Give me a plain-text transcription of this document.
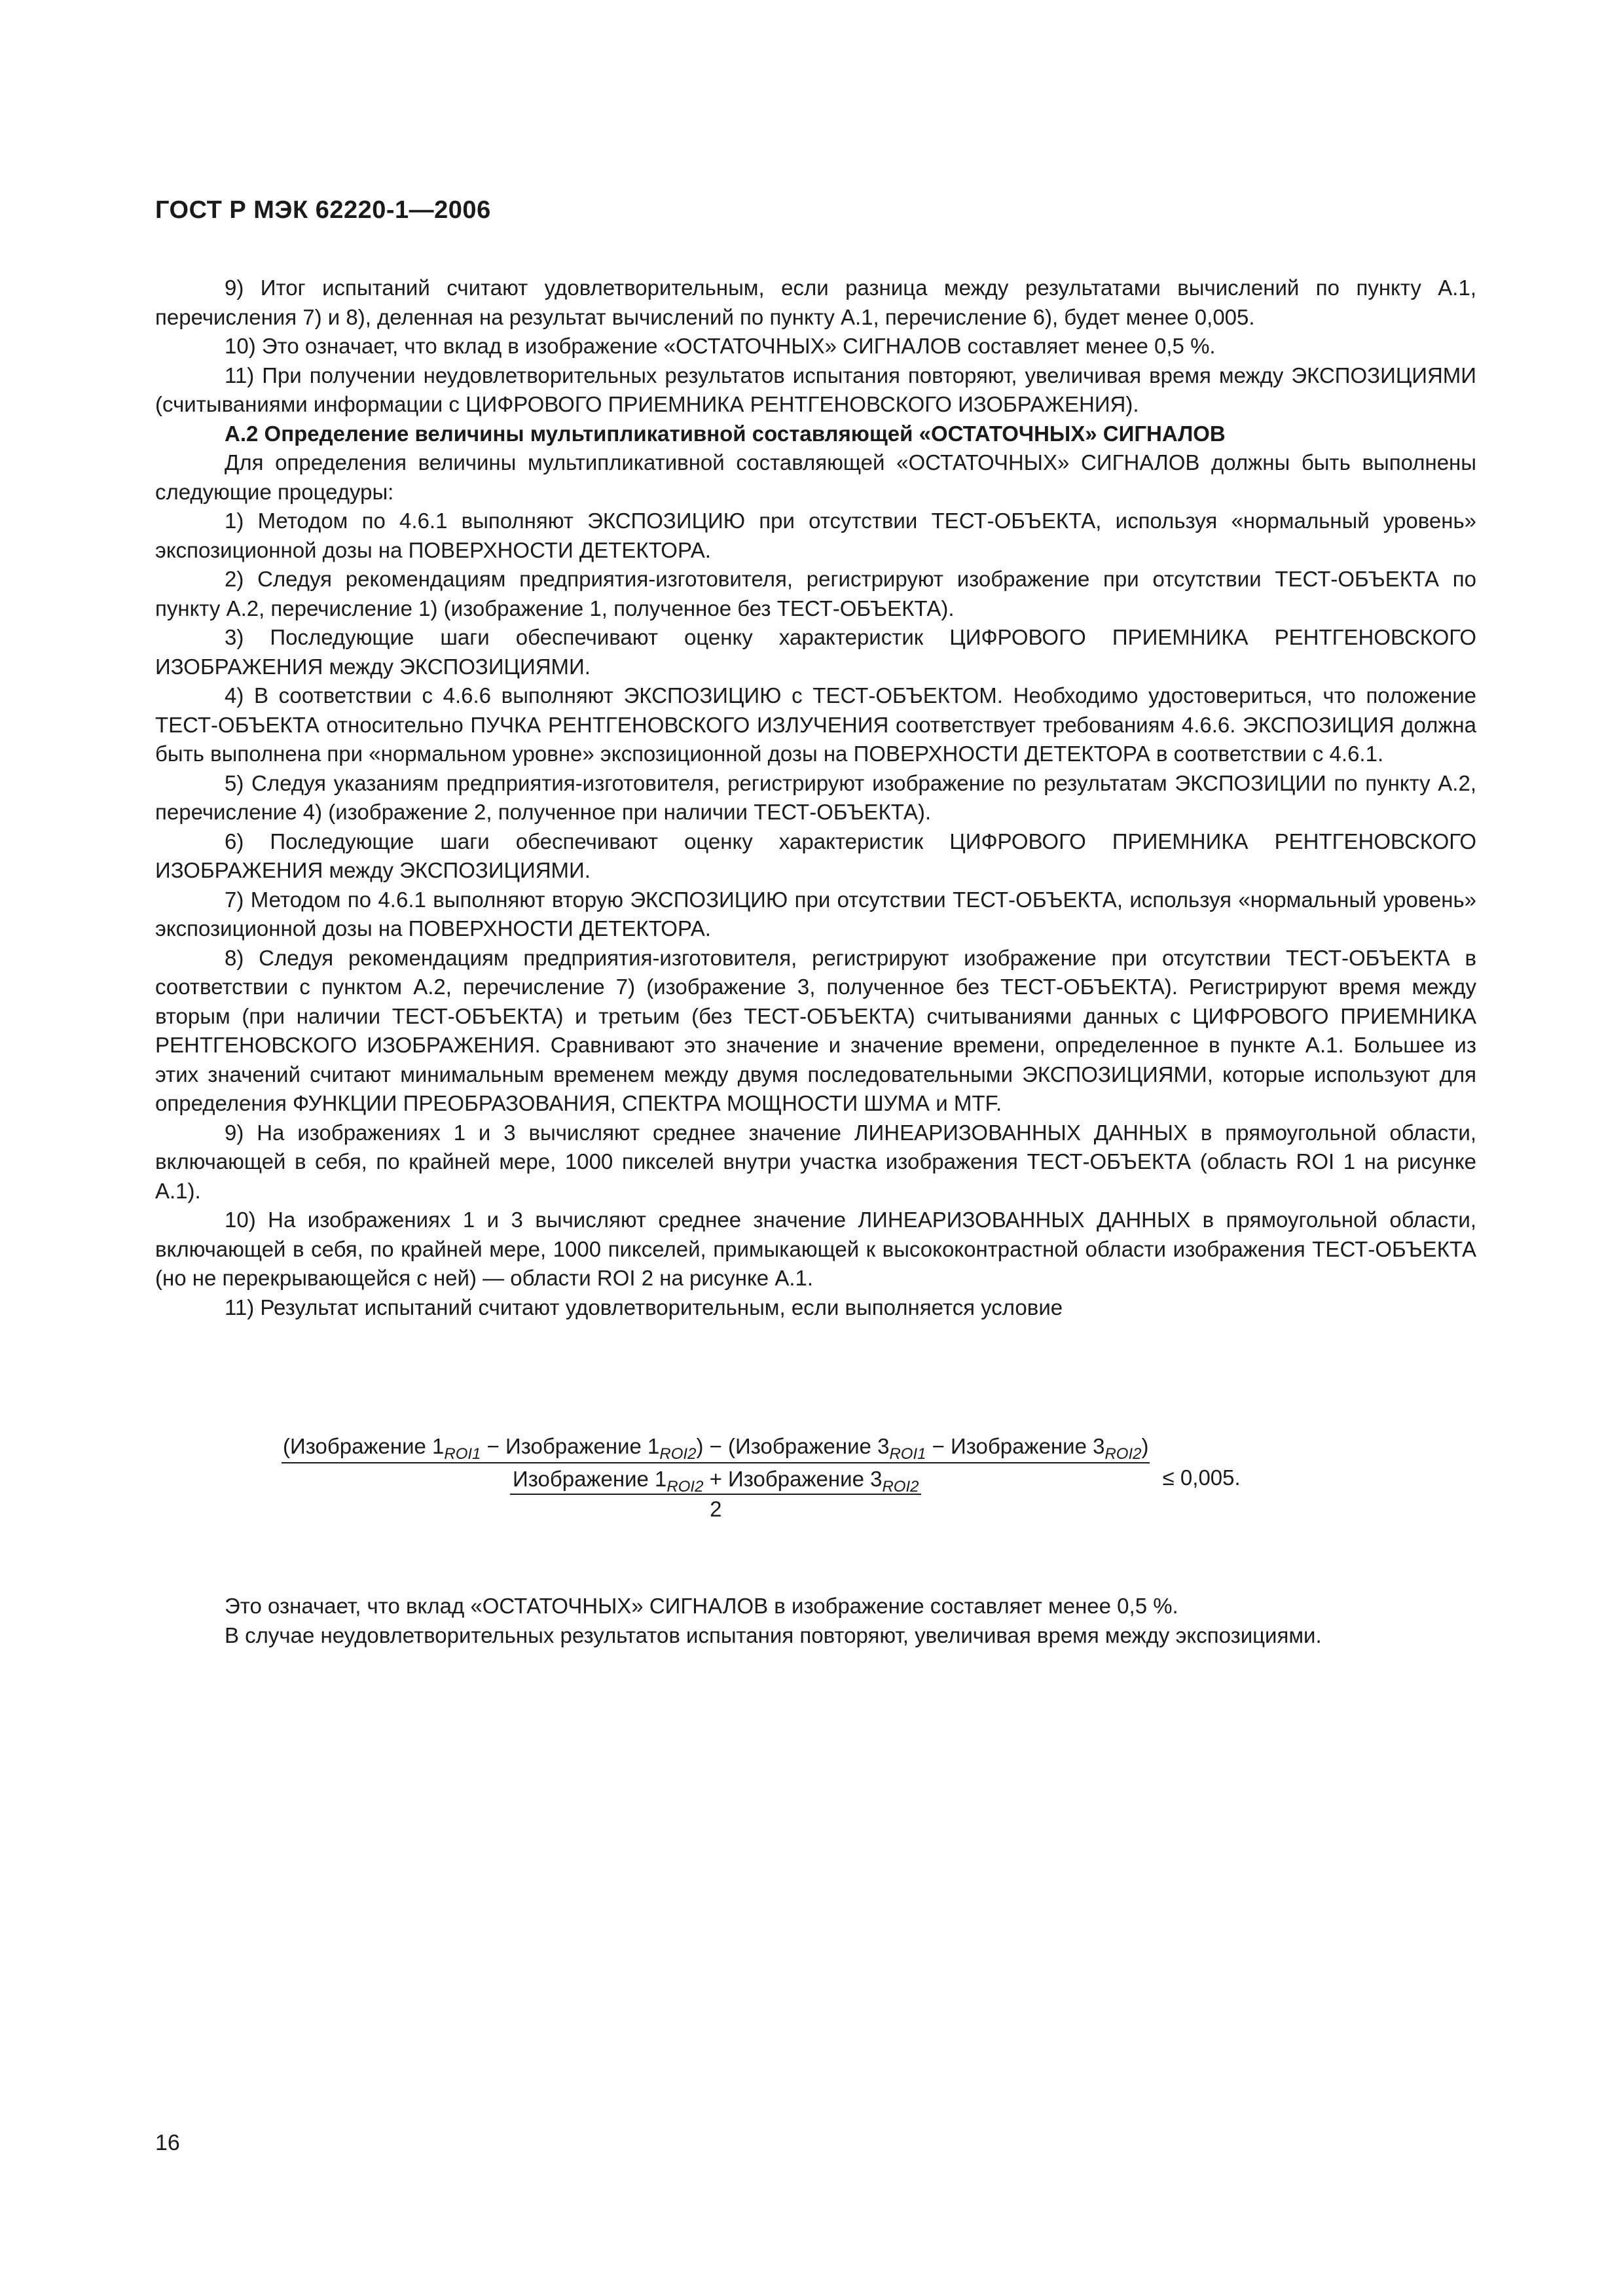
ГОСТ Р МЭК 62220-1—2006

9) Итог испытаний считают удовлетворительным, если разница между результатами вычислений по пункту А.1, перечисления 7) и 8), деленная на результат вычислений по пункту А.1, перечисление 6), будет менее 0,005.

10) Это означает, что вклад в изображение «ОСТАТОЧНЫХ» СИГНАЛОВ составляет менее 0,5 %.

11) При получении неудовлетворительных результатов испытания повторяют, увеличивая время между ЭКСПОЗИЦИЯМИ (считываниями информации с ЦИФРОВОГО ПРИЕМНИКА РЕНТГЕНОВСКОГО ИЗОБРАЖЕНИЯ).

А.2 Определение величины мультипликативной составляющей «ОСТАТОЧНЫХ» СИГНАЛОВ

Для определения величины мультипликативной составляющей «ОСТАТОЧНЫХ» СИГНАЛОВ должны быть выполнены следующие процедуры:

1) Методом по 4.6.1 выполняют ЭКСПОЗИЦИЮ при отсутствии ТЕСТ-ОБЪЕКТА, используя «нормальный уровень» экспозиционной дозы на ПОВЕРХНОСТИ ДЕТЕКТОРА.

2) Следуя рекомендациям предприятия-изготовителя, регистрируют изображение при отсутствии ТЕСТ-ОБЪЕКТА по пункту А.2, перечисление 1) (изображение 1, полученное без ТЕСТ-ОБЪЕКТА).

3) Последующие шаги обеспечивают оценку характеристик ЦИФРОВОГО ПРИЕМНИКА РЕНТГЕНОВСКОГО ИЗОБРАЖЕНИЯ между ЭКСПОЗИЦИЯМИ.

4) В соответствии с 4.6.6 выполняют ЭКСПОЗИЦИЮ с ТЕСТ-ОБЪЕКТОМ. Необходимо удостовериться, что положение ТЕСТ-ОБЪЕКТА относительно ПУЧКА РЕНТГЕНОВСКОГО ИЗЛУЧЕНИЯ соответствует требованиям 4.6.6. ЭКСПОЗИЦИЯ должна быть выполнена при «нормальном уровне» экспозиционной дозы на ПОВЕРХНОСТИ ДЕТЕКТОРА в соответствии с 4.6.1.

5) Следуя указаниям предприятия-изготовителя, регистрируют изображение по результатам ЭКСПОЗИЦИИ по пункту А.2, перечисление 4) (изображение 2, полученное при наличии ТЕСТ-ОБЪЕКТА).

6) Последующие шаги обеспечивают оценку характеристик ЦИФРОВОГО ПРИЕМНИКА РЕНТГЕНОВСКОГО ИЗОБРАЖЕНИЯ между ЭКСПОЗИЦИЯМИ.

7) Методом по 4.6.1 выполняют вторую ЭКСПОЗИЦИЮ при отсутствии ТЕСТ-ОБЪЕКТА, используя «нормальный уровень» экспозиционной дозы на ПОВЕРХНОСТИ ДЕТЕКТОРА.

8) Следуя рекомендациям предприятия-изготовителя, регистрируют изображение при отсутствии ТЕСТ-ОБЪЕКТА в соответствии с пунктом А.2, перечисление 7) (изображение 3, полученное без ТЕСТ-ОБЪЕКТА). Регистрируют время между вторым (при наличии ТЕСТ-ОБЪЕКТА) и третьим (без ТЕСТ-ОБЪЕКТА) считываниями данных с ЦИФРОВОГО ПРИЕМНИКА РЕНТГЕНОВСКОГО ИЗОБРАЖЕНИЯ. Сравнивают это значение и значение времени, определенное в пункте А.1. Большее из этих значений считают минимальным временем между двумя последовательными ЭКСПОЗИЦИЯМИ, которые используют для определения ФУНКЦИИ ПРЕОБРАЗОВАНИЯ, СПЕКТРА МОЩНОСТИ ШУМА и MTF.

9) На изображениях 1 и 3 вычисляют среднее значение ЛИНЕАРИЗОВАННЫХ ДАННЫХ в прямоугольной области, включающей в себя, по крайней мере, 1000 пикселей внутри участка изображения ТЕСТ-ОБЪЕКТА (область ROI 1 на рисунке А.1).

10) На изображениях 1 и 3 вычисляют среднее значение ЛИНЕАРИЗОВАННЫХ ДАННЫХ в прямоугольной области, включающей в себя, по крайней мере, 1000 пикселей, примыкающей к высококонтрастной области изображения ТЕСТ-ОБЪЕКТА (но не перекрывающейся с ней) — области ROI 2 на рисунке А.1.

11) Результат испытаний считают удовлетворительным, если выполняется условие

(Изображение $1_{ROI1}$ − Изображение $1_{ROI2}$) − (Изображение $3_{ROI1}$ − Изображение $3_{ROI2}$)
$\frac{Изображение 1_{ROI2} + Изображение 3_{ROI2}}{2}$	≤ 0,005.

Это означает, что вклад «ОСТАТОЧНЫХ» СИГНАЛОВ в изображение составляет менее 0,5 %.

В случае неудовлетворительных результатов испытания повторяют, увеличивая время между экспозициями.

16
